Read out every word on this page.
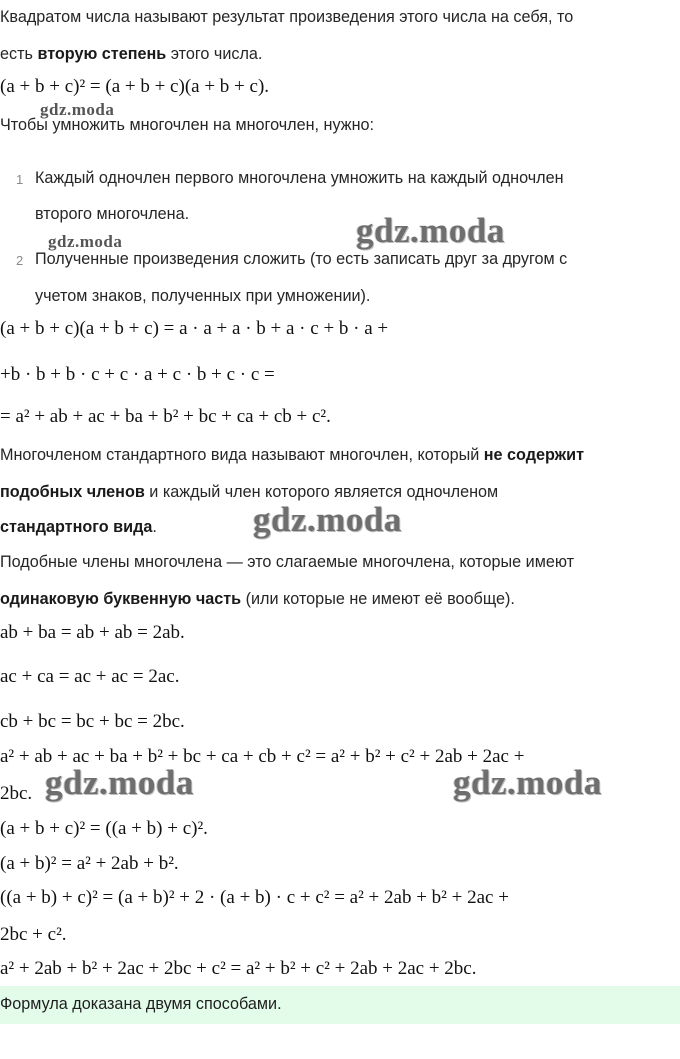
Квадратом числа называют результат произведения этого числа на себя, то
есть вторую степень этого числа.
(a + b + c)² = (a + b + c)(a + b + c).
Чтобы умножить многочлен на многочлен, нужно:
1 Каждый одночлен первого многочлена умножить на каждый одночлен
второго многочлена.
2 Полученные произведения сложить (то есть записать друг за другом с
учетом знаков, полученных при умножении).
(a + b + c)(a + b + c) = a · a + a · b + a · c + b · a +
+b · b + b · c + c · a + c · b + c · c =
= a² + ab + ac + ba + b² + bc + ca + cb + c².
Многочленом стандартного вида называют многочлен, который не содержит
подобных членов и каждый член которого является одночленом
стандартного вида.
Подобные члены многочлена — это слагаемые многочлена, которые имеют
одинаковую буквенную часть (или которые не имеют её вообще).
ab + ba = ab + ab = 2ab.
ac + ca = ac + ac = 2ac.
cb + bc = bc + bc = 2bc.
a² + ab + ac + ba + b² + bc + ca + cb + c² = a² + b² + c² + 2ab + 2ac +
2bc.
(a + b + c)² = ((a + b) + c)².
(a + b)² = a² + 2ab + b².
((a + b) + c)² = (a + b)² + 2 · (a + b) · c + c² = a² + 2ab + b² + 2ac +
2bc + c².
a² + 2ab + b² + 2ac + 2bc + c² = a² + b² + c² + 2ab + 2ac + 2bc.
Формула доказана двумя способами.
gdz.moda
gdz.moda	gdz.moda
gdz.moda
gdz.moda	gdz.moda
